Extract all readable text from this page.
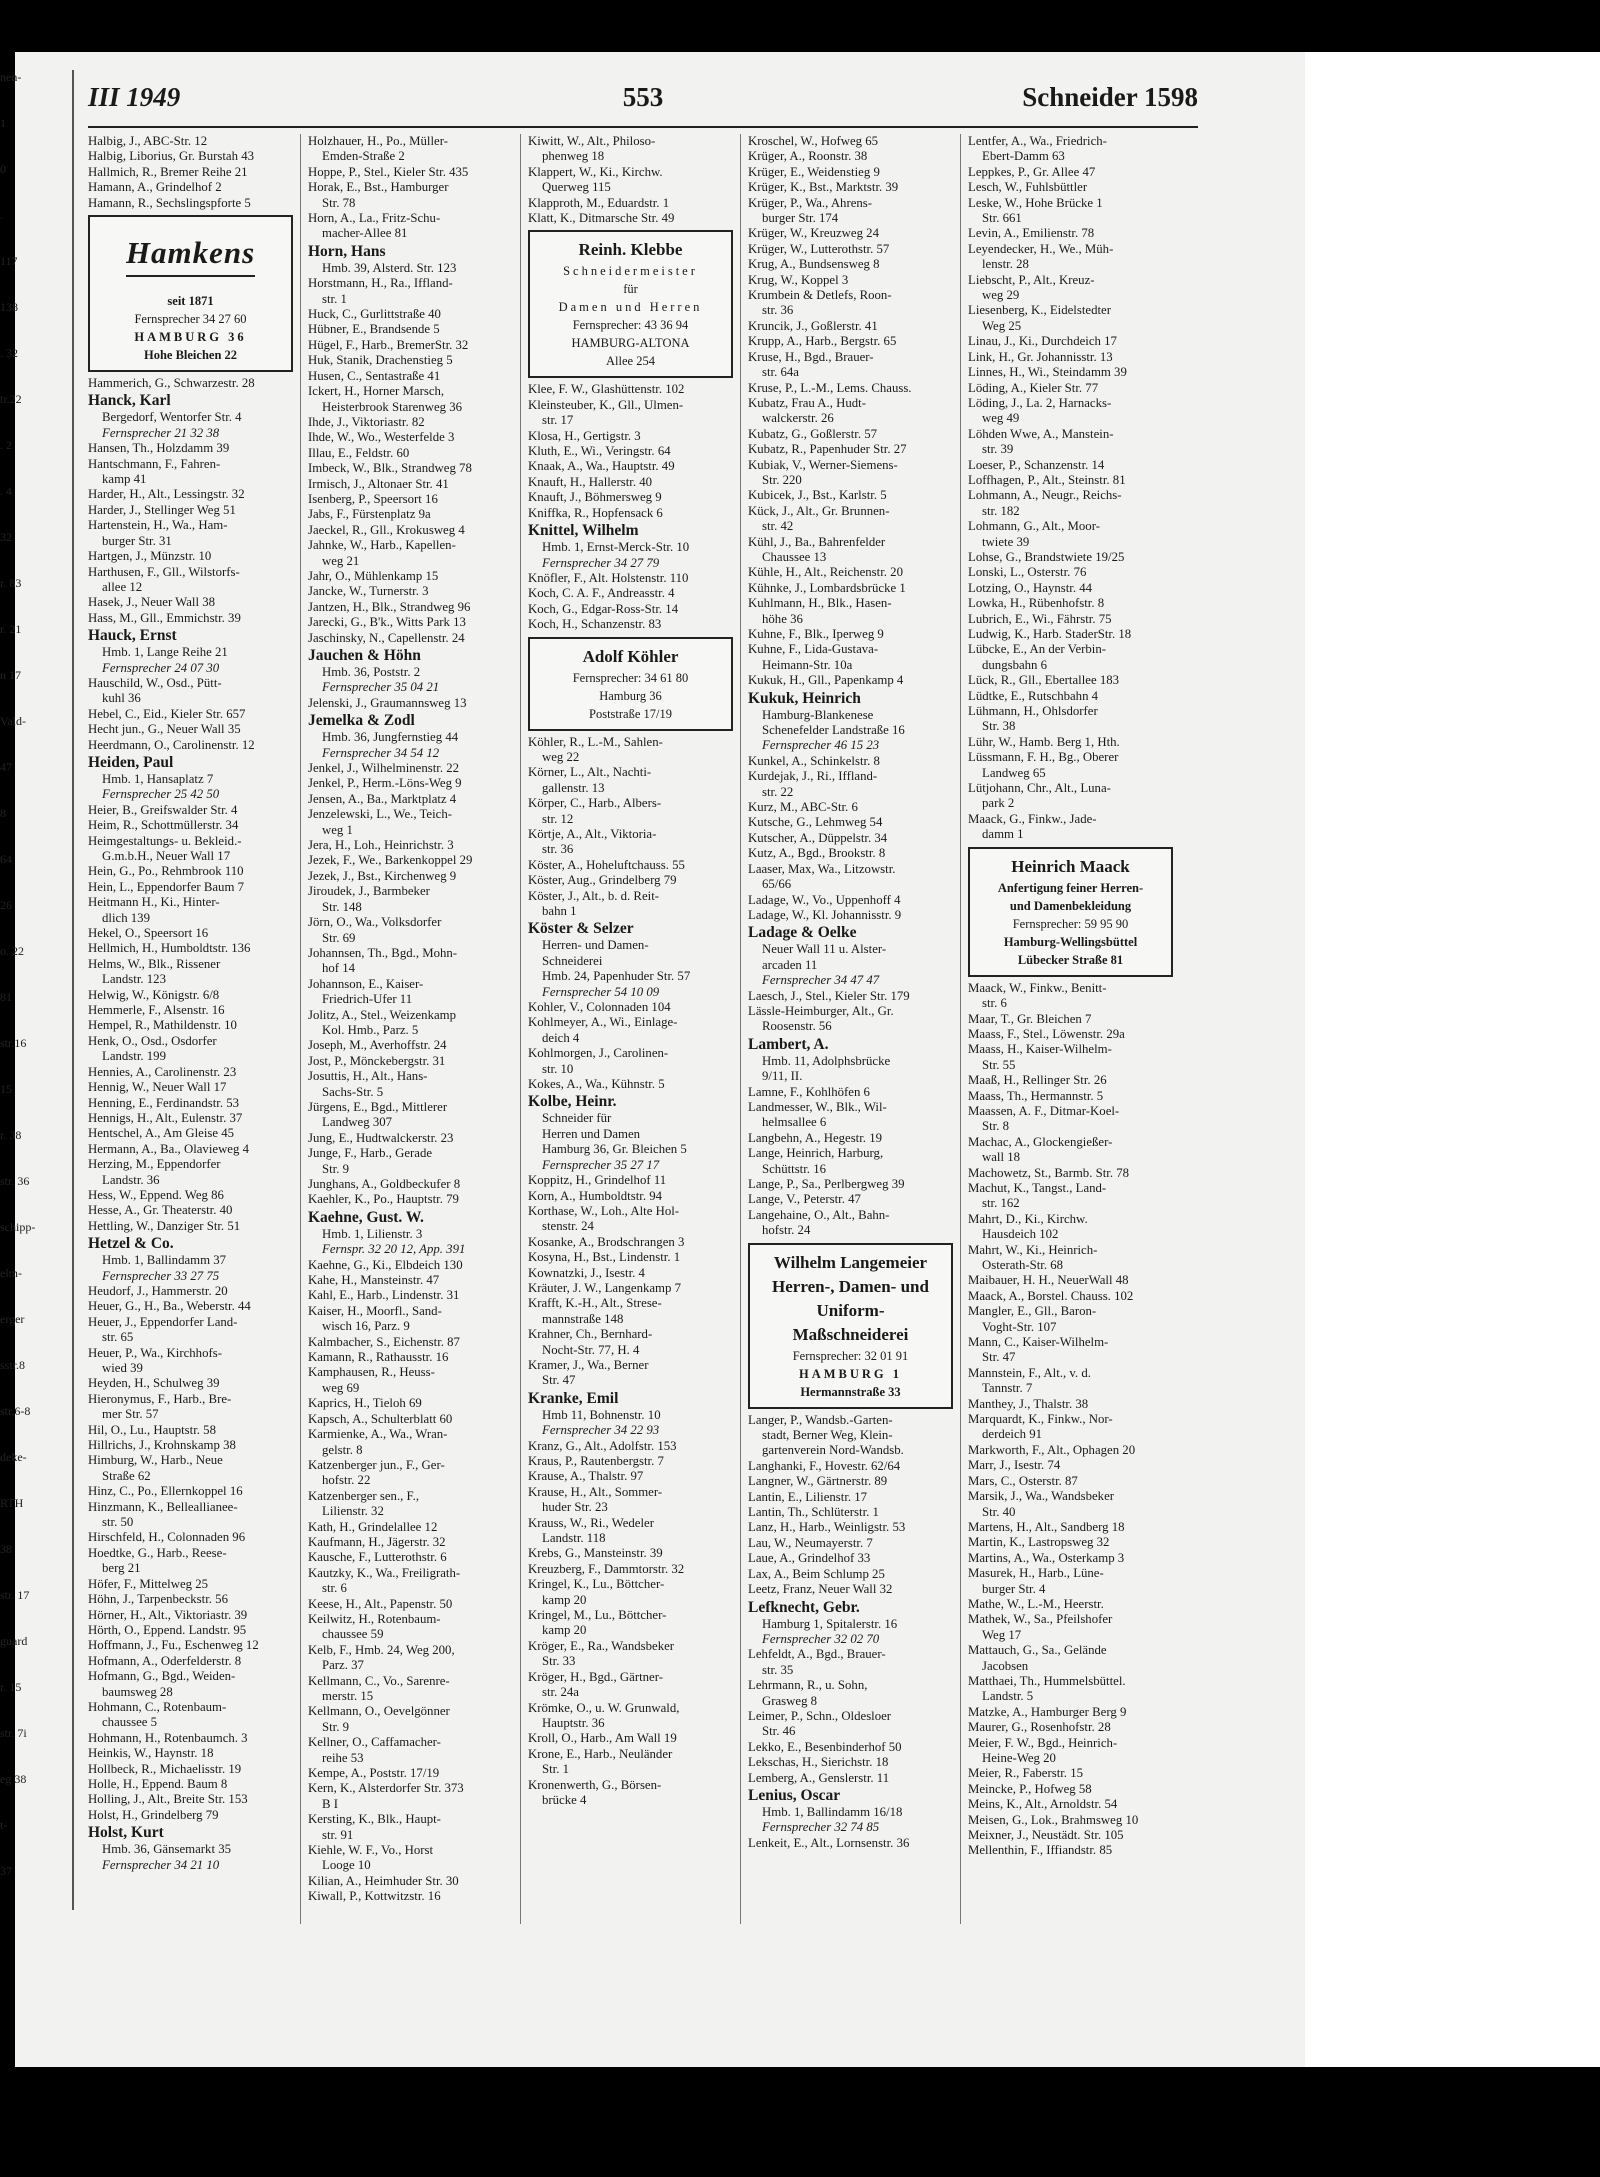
nen-
1
0
.
117
138
. 32
tr.22
. 2
. 4
32
r. 83
r. 21
n 17
Vald-
47
8
64
26
o. 22
81
str.16
15
r. 38
str. 36
schipp-
elm-
erger
sstr.8
str.6-8
deke-
RTH
38
str. 17
guard
r. 15
str. 7i
eg 38
t-
37
III 1949	553	Schneider 1598
Halbig, J., ABC-Str. 12
Halbig, Liborius, Gr. Burstah 43
Hallmich, R., Bremer Reihe 21
Hamann, A., Grindelhof 2
Hamann, R., Sechslingspforte 5
Hamkens
seit 1871
Fernsprecher 34 27 60
HAMBURG 36
Hohe Bleichen 22
Hammerich, G., Schwarzestr. 28
Hanck, Karl
Bergedorf, Wentorfer Str. 4
Fernsprecher 21 32 38
Hansen, Th., Holzdamm 39
Hantschmann, F., Fahren-
kamp 41
Harder, H., Alt., Lessingstr. 32
Harder, J., Stellinger Weg 51
Hartenstein, H., Wa., Ham-
burger Str. 31
Hartgen, J., Münzstr. 10
Harthusen, F., Gll., Wilstorfs-
allee 12
Hasek, J., Neuer Wall 38
Hass, M., Gll., Emmichstr. 39
Hauck, Ernst
Hmb. 1, Lange Reihe 21
Fernsprecher 24 07 30
Hauschild, W., Osd., Pütt-
kuhl 36
Hebel, C., Eid., Kieler Str. 657
Hecht jun., G., Neuer Wall 35
Heerdmann, O., Carolinenstr. 12
Heiden, Paul
Hmb. 1, Hansaplatz 7
Fernsprecher 25 42 50
Heier, B., Greifswalder Str. 4
Heim, R., Schottmüllerstr. 34
Heimgestaltungs- u. Bekleid.-
G.m.b.H., Neuer Wall 17
Hein, G., Po., Rehmbrook 110
Hein, L., Eppendorfer Baum 7
Heitmann H., Ki., Hinter-
dlich 139
Hekel, O., Speersort 16
Hellmich, H., Humboldtstr. 136
Helms, W., Blk., Rissener
Landstr. 123
Helwig, W., Königstr. 6/8
Hemmerle, F., Alsenstr. 16
Hempel, R., Mathildenstr. 10
Henk, O., Osd., Osdorfer
Landstr. 199
Hennies, A., Carolinenstr. 23
Hennig, W., Neuer Wall 17
Henning, E., Ferdinandstr. 53
Hennigs, H., Alt., Eulenstr. 37
Hentschel, A., Am Gleise 45
Hermann, A., Ba., Olavieweg 4
Herzing, M., Eppendorfer
Landstr. 36
Hess, W., Eppend. Weg 86
Hesse, A., Gr. Theaterstr. 40
Hettling, W., Danziger Str. 51
Hetzel & Co.
Hmb. 1, Ballindamm 37
Fernsprecher 33 27 75
Heudorf, J., Hammerstr. 20
Heuer, G., H., Ba., Weberstr. 44
Heuer, J., Eppendorfer Land-
str. 65
Heuer, P., Wa., Kirchhofs-
wied 39
Heyden, H., Schulweg 39
Hieronymus, F., Harb., Bre-
mer Str. 57
Hil, O., Lu., Hauptstr. 58
Hillrichs, J., Krohnskamp 38
Himburg, W., Harb., Neue
Straße 62
Hinz, C., Po., Ellernkoppel 16
Hinzmann, K., Belleallianee-
str. 50
Hirschfeld, H., Colonnaden 96
Hoedtke, G., Harb., Reese-
berg 21
Höfer, F., Mittelweg 25
Höhn, J., Tarpenbeckstr. 56
Hörner, H., Alt., Viktoriastr. 39
Hörth, O., Eppend. Landstr. 95
Hoffmann, J., Fu., Eschenweg 12
Hofmann, A., Oderfelderstr. 8
Hofmann, G., Bgd., Weiden-
baumsweg 28
Hohmann, C., Rotenbaum-
chaussee 5
Hohmann, H., Rotenbaumch. 3
Heinkis, W., Haynstr. 18
Hollbeck, R., Michaelisstr. 19
Holle, H., Eppend. Baum 8
Holling, J., Alt., Breite Str. 153
Holst, H., Grindelberg 79
Holst, Kurt
Hmb. 36, Gänsemarkt 35
Fernsprecher 34 21 10
Holzhauer, H., Po., Müller-
Emden-Straße 2
Hoppe, P., Stel., Kieler Str. 435
Horak, E., Bst., Hamburger
Str. 78
Horn, A., La., Fritz-Schu-
macher-Allee 81
Horn, Hans
Hmb. 39, Alsterd. Str. 123
Horstmann, H., Ra., Iffland-
str. 1
Huck, C., Gurlittstraße 40
Hübner, E., Brandsende 5
Hügel, F., Harb., BremerStr. 32
Huk, Stanik, Drachenstieg 5
Husen, C., Sentastraße 41
Ickert, H., Horner Marsch,
Heisterbrook Starenweg 36
Ihde, J., Viktoriastr. 82
Ihde, W., Wo., Westerfelde 3
Illau, E., Feldstr. 60
Imbeck, W., Blk., Strandweg 78
Irmisch, J., Altonaer Str. 41
Isenberg, P., Speersort 16
Jabs, F., Fürstenplatz 9a
Jaeckel, R., Gll., Krokusweg 4
Jahnke, W., Harb., Kapellen-
weg 21
Jahr, O., Mühlenkamp 15
Jancke, W., Turnerstr. 3
Jantzen, H., Blk., Strandweg 96
Jarecki, G., B'k., Witts Park 13
Jaschinsky, N., Capellenstr. 24
Jauchen & Höhn
Hmb. 36, Poststr. 2
Fernsprecher 35 04 21
Jelenski, J., Graumannsweg 13
Jemelka & Zodl
Hmb. 36, Jungfernstieg 44
Fernsprecher 34 54 12
Jenkel, J., Wilhelminenstr. 22
Jenkel, P., Herm.-Löns-Weg 9
Jensen, A., Ba., Marktplatz 4
Jenzelewski, L., We., Teich-
weg 1
Jera, H., Loh., Heinrichstr. 3
Jezek, F., We., Barkenkoppel 29
Jezek, J., Bst., Kirchenweg 9
Jiroudek, J., Barmbeker
Str. 148
Jörn, O., Wa., Volksdorfer
Str. 69
Johannsen, Th., Bgd., Mohn-
hof 14
Johannson, E., Kaiser-
Friedrich-Ufer 11
Jolitz, A., Stel., Weizenkamp
Kol. Hmb., Parz. 5
Joseph, M., Averhoffstr. 24
Jost, P., Mönckebergstr. 31
Josuttis, H., Alt., Hans-
Sachs-Str. 5
Jürgens, E., Bgd., Mittlerer
Landweg 307
Jung, E., Hudtwalckerstr. 23
Junge, F., Harb., Gerade
Str. 9
Junghans, A., Goldbeckufer 8
Kaehler, K., Po., Hauptstr. 79
Kaehne, Gust. W.
Hmb. 1, Lilienstr. 3
Fernspr. 32 20 12, App. 391
Kaehne, G., Ki., Elbdeich 130
Kahe, H., Mansteinstr. 47
Kahl, E., Harb., Lindenstr. 31
Kaiser, H., Moorfl., Sand-
wisch 16, Parz. 9
Kalmbacher, S., Eichenstr. 87
Kamann, R., Rathausstr. 16
Kamphausen, R., Heuss-
weg 69
Kaprics, H., Tieloh 69
Kapsch, A., Schulterblatt 60
Karmienke, A., Wa., Wran-
gelstr. 8
Katzenberger jun., F., Ger-
hofstr. 22
Katzenberger sen., F.,
Lilienstr. 32
Kath, H., Grindelallee 12
Kaufmann, H., Jägerstr. 32
Kausche, F., Lutterothstr. 6
Kautzky, K., Wa., Freiligrath-
str. 6
Keese, H., Alt., Papenstr. 50
Keilwitz, H., Rotenbaum-
chaussee 59
Kelb, F., Hmb. 24, Weg 200,
Parz. 37
Kellmann, C., Vo., Sarenre-
merstr. 15
Kellmann, O., Oevelgönner
Str. 9
Kellner, O., Caffamacher-
reihe 53
Kempe, A., Poststr. 17/19
Kern, K., Alsterdorfer Str. 373
B I
Kersting, K., Blk., Haupt-
str. 91
Kiehle, W. F., Vo., Horst
Looge 10
Kilian, A., Heimhuder Str. 30
Kiwall, P., Kottwitzstr. 16
Kiwitt, W., Alt., Philoso-
phenweg 18
Klappert, W., Ki., Kirchw.
Querweg 115
Klapproth, M., Eduardstr. 1
Klatt, K., Ditmarsche Str. 49
Reinh. Klebbe
Schneidermeister
für
Damen und Herren
Fernsprecher: 43 36 94
HAMBURG-ALTONA
Allee 254
Klee, F. W., Glashüttenstr. 102
Kleinsteuber, K., Gll., Ulmen-
str. 17
Klosa, H., Gertigstr. 3
Kluth, E., Wi., Veringstr. 64
Knaak, A., Wa., Hauptstr. 49
Knauft, H., Hallerstr. 40
Knauft, J., Böhmersweg 9
Kniffka, R., Hopfensack 6
Knittel, Wilhelm
Hmb. 1, Ernst-Merck-Str. 10
Fernsprecher 34 27 79
Knöfler, F., Alt. Holstenstr. 110
Koch, C. A. F., Andreasstr. 4
Koch, G., Edgar-Ross-Str. 14
Koch, H., Schanzenstr. 83
Adolf Köhler
Fernsprecher: 34 61 80
Hamburg 36
Poststraße 17/19
Köhler, R., L.-M., Sahlen-
weg 22
Körner, L., Alt., Nachti-
gallenstr. 13
Körper, C., Harb., Albers-
str. 12
Körtje, A., Alt., Viktoria-
str. 36
Köster, A., Hoheluftchauss. 55
Köster, Aug., Grindelberg 79
Köster, J., Alt., b. d. Reit-
bahn 1
Köster & Selzer
Herren- und Damen-
Schneiderei
Hmb. 24, Papenhuder Str. 57
Fernsprecher 54 10 09
Kohler, V., Colonnaden 104
Kohlmeyer, A., Wi., Einlage-
deich 4
Kohlmorgen, J., Carolinen-
str. 10
Kokes, A., Wa., Kühnstr. 5
Kolbe, Heinr.
Schneider für
Herren und Damen
Hamburg 36, Gr. Bleichen 5
Fernsprecher 35 27 17
Koppitz, H., Grindelhof 11
Korn, A., Humboldtstr. 94
Korthase, W., Loh., Alte Hol-
stenstr. 24
Kosanke, A., Brodschrangen 3
Kosyna, H., Bst., Lindenstr. 1
Kownatzki, J., Isestr. 4
Kräuter, J. W., Langenkamp 7
Krafft, K.-H., Alt., Strese-
mannstraße 148
Krahner, Ch., Bernhard-
Nocht-Str. 77, H. 4
Kramer, J., Wa., Berner
Str. 47
Kranke, Emil
Hmb 11, Bohnenstr. 10
Fernsprecher 34 22 93
Kranz, G., Alt., Adolfstr. 153
Kraus, P., Rautenbergstr. 7
Krause, A., Thalstr. 97
Krause, H., Alt., Sommer-
huder Str. 23
Krauss, W., Ri., Wedeler
Landstr. 118
Krebs, G., Mansteinstr. 39
Kreuzberg, F., Dammtorstr. 32
Kringel, K., Lu., Böttcher-
kamp 20
Kringel, M., Lu., Böttcher-
kamp 20
Kröger, E., Ra., Wandsbeker
Str. 33
Kröger, H., Bgd., Gärtner-
str. 24a
Krömke, O., u. W. Grunwald,
Hauptstr. 36
Kroll, O., Harb., Am Wall 19
Krone, E., Harb., Neuländer
Str. 1
Kronenwerth, G., Börsen-
brücke 4
Kroschel, W., Hofweg 65
Krüger, A., Roonstr. 38
Krüger, E., Weidenstieg 9
Krüger, K., Bst., Marktstr. 39
Krüger, P., Wa., Ahrens-
burger Str. 174
Krüger, W., Kreuzweg 24
Krüger, W., Lutterothstr. 57
Krug, A., Bundsensweg 8
Krug, W., Koppel 3
Krumbein & Detlefs, Roon-
str. 36
Kruncik, J., Goßlerstr. 41
Krupp, A., Harb., Bergstr. 65
Kruse, H., Bgd., Brauer-
str. 64a
Kruse, P., L.-M., Lems. Chauss.
Kubatz, Frau A., Hudt-
walckerstr. 26
Kubatz, G., Goßlerstr. 57
Kubatz, R., Papenhuder Str. 27
Kubiak, V., Werner-Siemens-
Str. 220
Kubicek, J., Bst., Karlstr. 5
Kück, J., Alt., Gr. Brunnen-
str. 42
Kühl, J., Ba., Bahrenfelder
Chaussee 13
Kühle, H., Alt., Reichenstr. 20
Kühnke, J., Lombardsbrücke 1
Kuhlmann, H., Blk., Hasen-
höhe 36
Kuhne, F., Blk., Iperweg 9
Kuhne, F., Lida-Gustava-
Heimann-Str. 10a
Kukuk, H., Gll., Papenkamp 4
Kukuk, Heinrich
Hamburg-Blankenese
Schenefelder Landstraße 16
Fernsprecher 46 15 23
Kunkel, A., Schinkelstr. 8
Kurdejak, J., Ri., Iffland-
str. 22
Kurz, M., ABC-Str. 6
Kutsche, G., Lehmweg 54
Kutscher, A., Düppelstr. 34
Kutz, A., Bgd., Brookstr. 8
Laaser, Max, Wa., Litzowstr.
65/66
Ladage, W., Vo., Uppenhoff 4
Ladage, W., Kl. Johannisstr. 9
Ladage & Oelke
Neuer Wall 11 u. Alster-
arcaden 11
Fernsprecher 34 47 47
Laesch, J., Stel., Kieler Str. 179
Lässle-Heimburger, Alt., Gr.
Roosenstr. 56
Lambert, A.
Hmb. 11, Adolphsbrücke
9/11, II.
Lamne, F., Kohlhöfen 6
Landmesser, W., Blk., Wil-
helmsallee 6
Langbehn, A., Hegestr. 19
Lange, Heinrich, Harburg,
Schüttstr. 16
Lange, P., Sa., Perlbergweg 39
Lange, V., Peterstr. 47
Langehaine, O., Alt., Bahn-
hofstr. 24
Wilhelm Langemeier
Herren-, Damen- und
Uniform-
Maßschneiderei
Fernsprecher: 32 01 91
HAMBURG 1
Hermannstraße 33
Langer, P., Wandsb.-Garten-
stadt, Berner Weg, Klein-
gartenverein Nord-Wandsb.
Langhanki, F., Hovestr. 62/64
Langner, W., Gärtnerstr. 89
Lantin, E., Lilienstr. 17
Lantin, Th., Schlüterstr. 1
Lanz, H., Harb., Weinligstr. 53
Lau, W., Neumayerstr. 7
Laue, A., Grindelhof 33
Lax, A., Beim Schlump 25
Leetz, Franz, Neuer Wall 32
Lefknecht, Gebr.
Hamburg 1, Spitalerstr. 16
Fernsprecher 32 02 70
Lehfeldt, A., Bgd., Brauer-
str. 35
Lehrmann, R., u. Sohn,
Grasweg 8
Leimer, P., Schn., Oldesloer
Str. 46
Lekko, E., Besenbinderhof 50
Lekschas, H., Sierichstr. 18
Lemberg, A., Genslerstr. 11
Lenius, Oscar
Hmb. 1, Ballindamm 16/18
Fernsprecher 32 74 85
Lenkeit, E., Alt., Lornsenstr. 36
Lentfer, A., Wa., Friedrich-
Ebert-Damm 63
Leppkes, P., Gr. Allee 47
Lesch, W., Fuhlsbüttler
Leske, W., Hohe Brücke 1
Str. 661
Levin, A., Emilienstr. 78
Leyendecker, H., We., Müh-
lenstr. 28
Liebscht, P., Alt., Kreuz-
weg 29
Liesenberg, K., Eidelstedter
Weg 25
Linau, J., Ki., Durchdeich 17
Link, H., Gr. Johannisstr. 13
Linnes, H., Wi., Steindamm 39
Löding, A., Kieler Str. 77
Löding, J., La. 2, Harnacks-
weg 49
Löhden Wwe, A., Manstein-
str. 39
Loeser, P., Schanzenstr. 14
Loffhagen, P., Alt., Steinstr. 81
Lohmann, A., Neugr., Reichs-
str. 182
Lohmann, G., Alt., Moor-
twiete 39
Lohse, G., Brandstwiete 19/25
Lonski, L., Osterstr. 76
Lotzing, O., Haynstr. 44
Lowka, H., Rübenhofstr. 8
Lubrich, E., Wi., Fährstr. 75
Ludwig, K., Harb. StaderStr. 18
Lübcke, E., An der Verbin-
dungsbahn 6
Lück, R., Gll., Ebertallee 183
Lüdtke, E., Rutschbahn 4
Lühmann, H., Ohlsdorfer
Str. 38
Lühr, W., Hamb. Berg 1, Hth.
Lüssmann, F. H., Bg., Oberer
Landweg 65
Lütjohann, Chr., Alt., Luna-
park 2
Maack, G., Finkw., Jade-
damm 1
Heinrich Maack
Anfertigung feiner Herren-
und Damenbekleidung
Fernsprecher: 59 95 90
Hamburg-Wellingsbüttel
Lübecker Straße 81
Maack, W., Finkw., Benitt-
str. 6
Maar, T., Gr. Bleichen 7
Maass, F., Stel., Löwenstr. 29a
Maass, H., Kaiser-Wilhelm-
Str. 55
Maaß, H., Rellinger Str. 26
Maass, Th., Hermannstr. 5
Maassen, A. F., Ditmar-Koel-
Str. 8
Machac, A., Glockengießer-
wall 18
Machowetz, St., Barmb. Str. 78
Machut, K., Tangst., Land-
str. 162
Mahrt, D., Ki., Kirchw.
Hausdeich 102
Mahrt, W., Ki., Heinrich-
Osterath-Str. 68
Maibauer, H. H., NeuerWall 48
Maack, A., Borstel. Chauss. 102
Mangler, E., Gll., Baron-
Voght-Str. 107
Mann, C., Kaiser-Wilhelm-
Str. 47
Mannstein, F., Alt., v. d.
Tannstr. 7
Manthey, J., Thalstr. 38
Marquardt, K., Finkw., Nor-
derdeich 91
Markworth, F., Alt., Ophagen 20
Marr, J., Isestr. 74
Mars, C., Osterstr. 87
Marsik, J., Wa., Wandsbeker
Str. 40
Martens, H., Alt., Sandberg 18
Martin, K., Lastropsweg 32
Martins, A., Wa., Osterkamp 3
Masurek, H., Harb., Lüne-
burger Str. 4
Mathe, W., L.-M., Heerstr.
Mathek, W., Sa., Pfeilshofer
Weg 17
Mattauch, G., Sa., Gelände
Jacobsen
Matthaei, Th., Hummelsbüttel.
Landstr. 5
Matzke, A., Hamburger Berg 9
Maurer, G., Rosenhofstr. 28
Meier, F. W., Bgd., Heinrich-
Heine-Weg 20
Meier, R., Faberstr. 15
Meincke, P., Hofweg 58
Meins, K., Alt., Arnoldstr. 54
Meisen, G., Lok., Brahmsweg 10
Meixner, J., Neustädt. Str. 105
Mellenthin, F., Iffiandstr. 85
